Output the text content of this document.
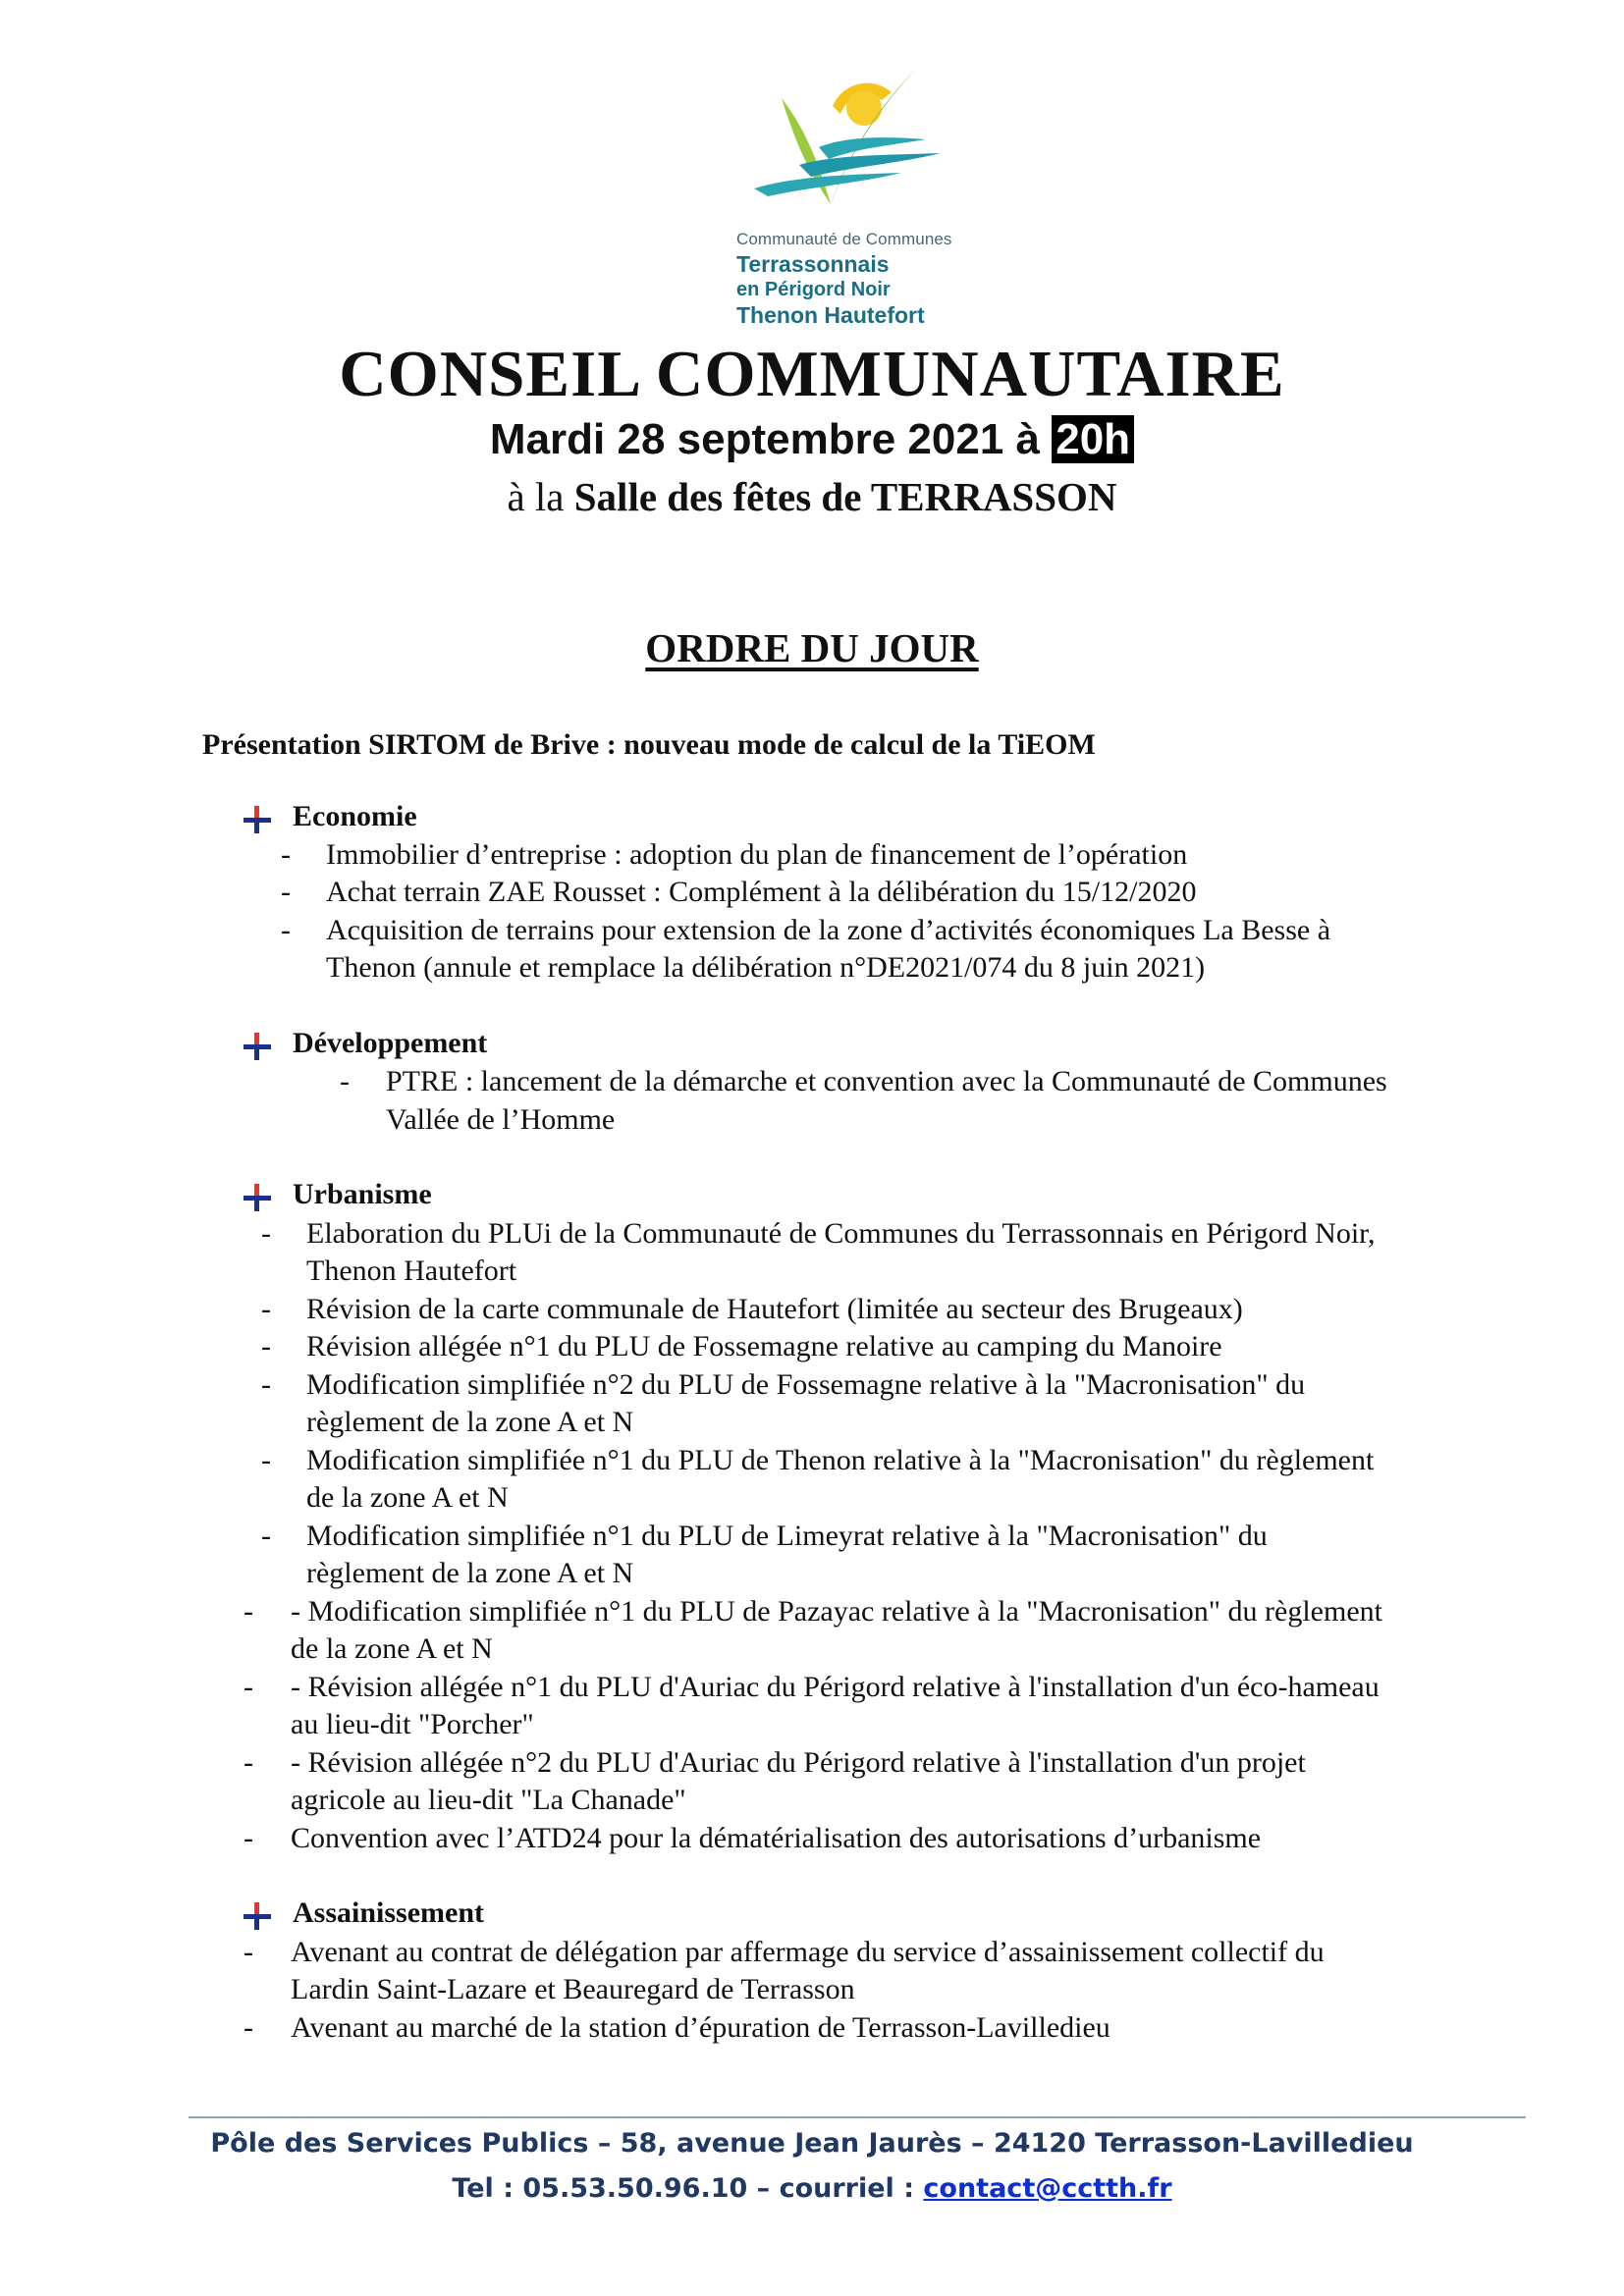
Communauté de Communes
Terrassonnais
en Périgord Noir
Thenon Hautefort
CONSEIL COMMUNAUTAIRE
Mardi 28 septembre 2021 à 20h
à la Salle des fêtes de TERRASSON
ORDRE DU JOUR
Présentation SIRTOM de Brive : nouveau mode de calcul de la TiEOM
Economie
- Immobilier d’entreprise : adoption du plan de financement de l’opération
- Achat terrain ZAE Rousset : Complément à la délibération du 15/12/2020
- Acquisition de terrains pour extension de la zone d’activités économiques La Besse à
Thenon (annule et remplace la délibération n°DE2021/074 du 8 juin 2021)
Développement
- PTRE : lancement de la démarche et convention avec la Communauté de Communes
Vallée de l’Homme
Urbanisme
- Elaboration du PLUi de la Communauté de Communes du Terrassonnais en Périgord Noir,
Thenon Hautefort
- Révision de la carte communale de Hautefort (limitée au secteur des Brugeaux)
- Révision allégée n°1 du PLU de Fossemagne relative au camping du Manoire
- Modification simplifiée n°2 du PLU de Fossemagne relative à la "Macronisation" du
règlement de la zone A et N
- Modification simplifiée n°1 du PLU de Thenon relative à la "Macronisation" du règlement
de la zone A et N
- Modification simplifiée n°1 du PLU de Limeyrat relative à la "Macronisation" du
règlement de la zone A et N
- - Modification simplifiée n°1 du PLU de Pazayac relative à la "Macronisation" du règlement
de la zone A et N
- - Révision allégée n°1 du PLU d'Auriac du Périgord relative à l'installation d'un éco-hameau
au lieu-dit "Porcher"
- - Révision allégée n°2 du PLU d'Auriac du Périgord relative à l'installation d'un projet
agricole au lieu-dit "La Chanade"
- Convention avec l’ATD24 pour la dématérialisation des autorisations d’urbanisme
Assainissement
- Avenant au contrat de délégation par affermage du service d’assainissement collectif du
Lardin Saint-Lazare et Beauregard de Terrasson
- Avenant au marché de la station d’épuration de Terrasson-Lavilledieu
Pôle des Services Publics – 58, avenue Jean Jaurès – 24120 Terrasson-Lavilledieu
Tel : 05.53.50.96.10 – courriel : contact@cctth.fr
